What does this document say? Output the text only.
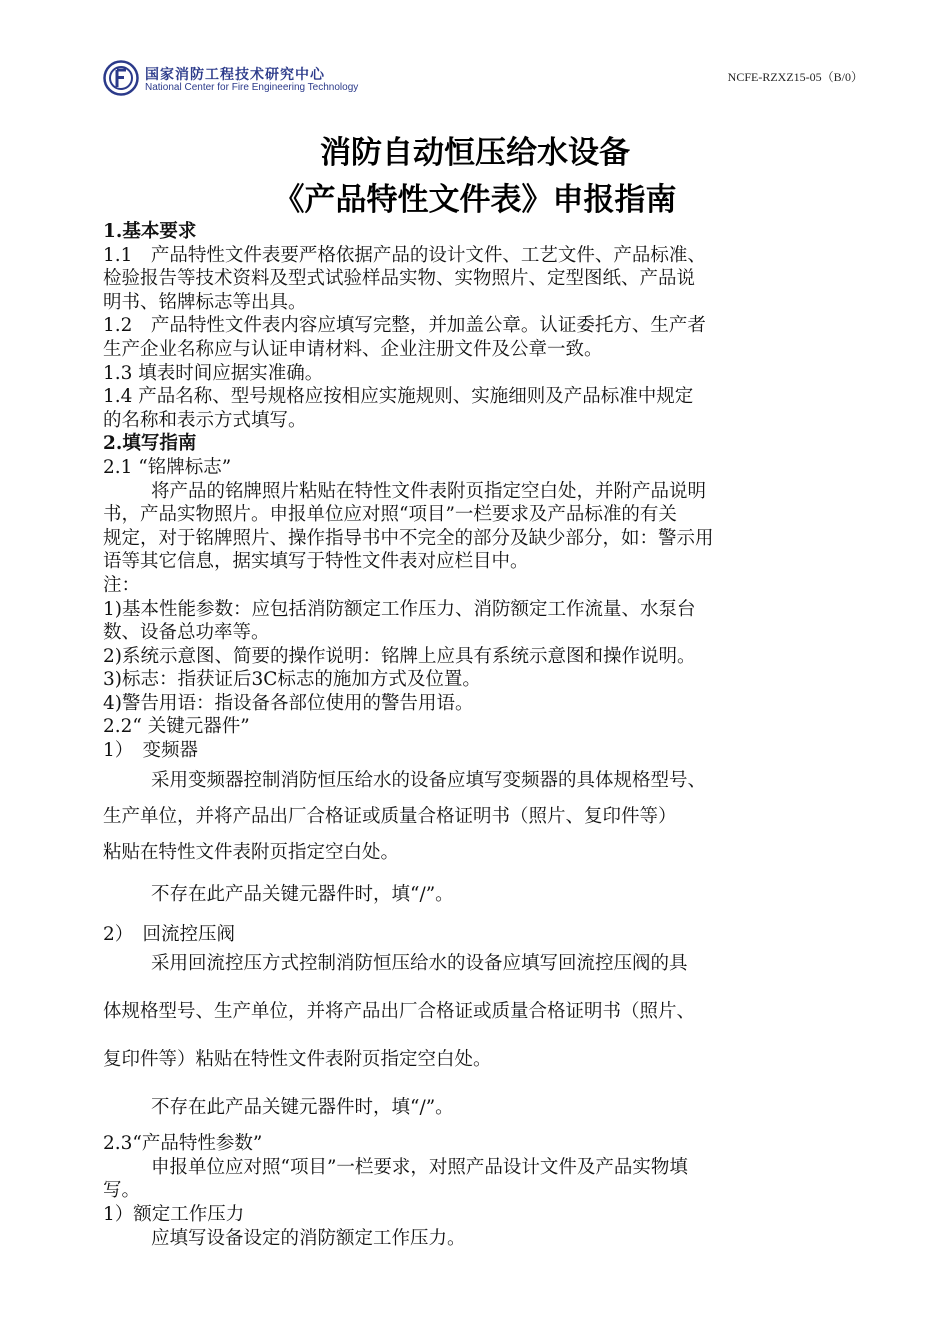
国家消防工程技术研究中心
National Center for Fire Engineering Technology
NCFE-RZXZ15-05（B/0）
消防自动恒压给水设备
《产品特性文件表》申报指南
1.基本要求
1.1　产品特性文件表要严格依据产品的设计文件、工艺文件、产品标准、
检验报告等技术资料及型式试验样品实物、实物照片、定型图纸、产品说
明书、铭牌标志等出具。
1.2　产品特性文件表内容应填写完整，并加盖公章。认证委托方、生产者
生产企业名称应与认证申请材料、企业注册文件及公章一致。
1.3 填表时间应据实准确。
1.4 产品名称、型号规格应按相应实施规则、实施细则及产品标准中规定
的名称和表示方式填写。
2.填写指南
2.1 “铭牌标志”
将产品的铭牌照片粘贴在特性文件表附页指定空白处，并附产品说明
书，产品实物照片。申报单位应对照“项目”一栏要求及产品标准的有关
规定，对于铭牌照片、操作指导书中不完全的部分及缺少部分，如：警示用
语等其它信息，据实填写于特性文件表对应栏目中。
注：
1)基本性能参数：应包括消防额定工作压力、消防额定工作流量、水泵台
数、设备总功率等。
2)系统示意图、简要的操作说明：铭牌上应具有系统示意图和操作说明。
3)标志：指获证后3C标志的施加方式及位置。
4)警告用语：指设备各部位使用的警告用语。
2.2“ 关键元器件”
1）　变频器
采用变频器控制消防恒压给水的设备应填写变频器的具体规格型号、
生产单位，并将产品出厂合格证或质量合格证明书（照片、复印件等）
粘贴在特性文件表附页指定空白处。
不存在此产品关键元器件时，填“/”。
2）　回流控压阀
采用回流控压方式控制消防恒压给水的设备应填写回流控压阀的具
体规格型号、生产单位，并将产品出厂合格证或质量合格证明书（照片、
复印件等）粘贴在特性文件表附页指定空白处。
不存在此产品关键元器件时，填“/”。
2.3“产品特性参数”
申报单位应对照“项目”一栏要求，对照产品设计文件及产品实物填
写。
1）额定工作压力
应填写设备设定的消防额定工作压力。
